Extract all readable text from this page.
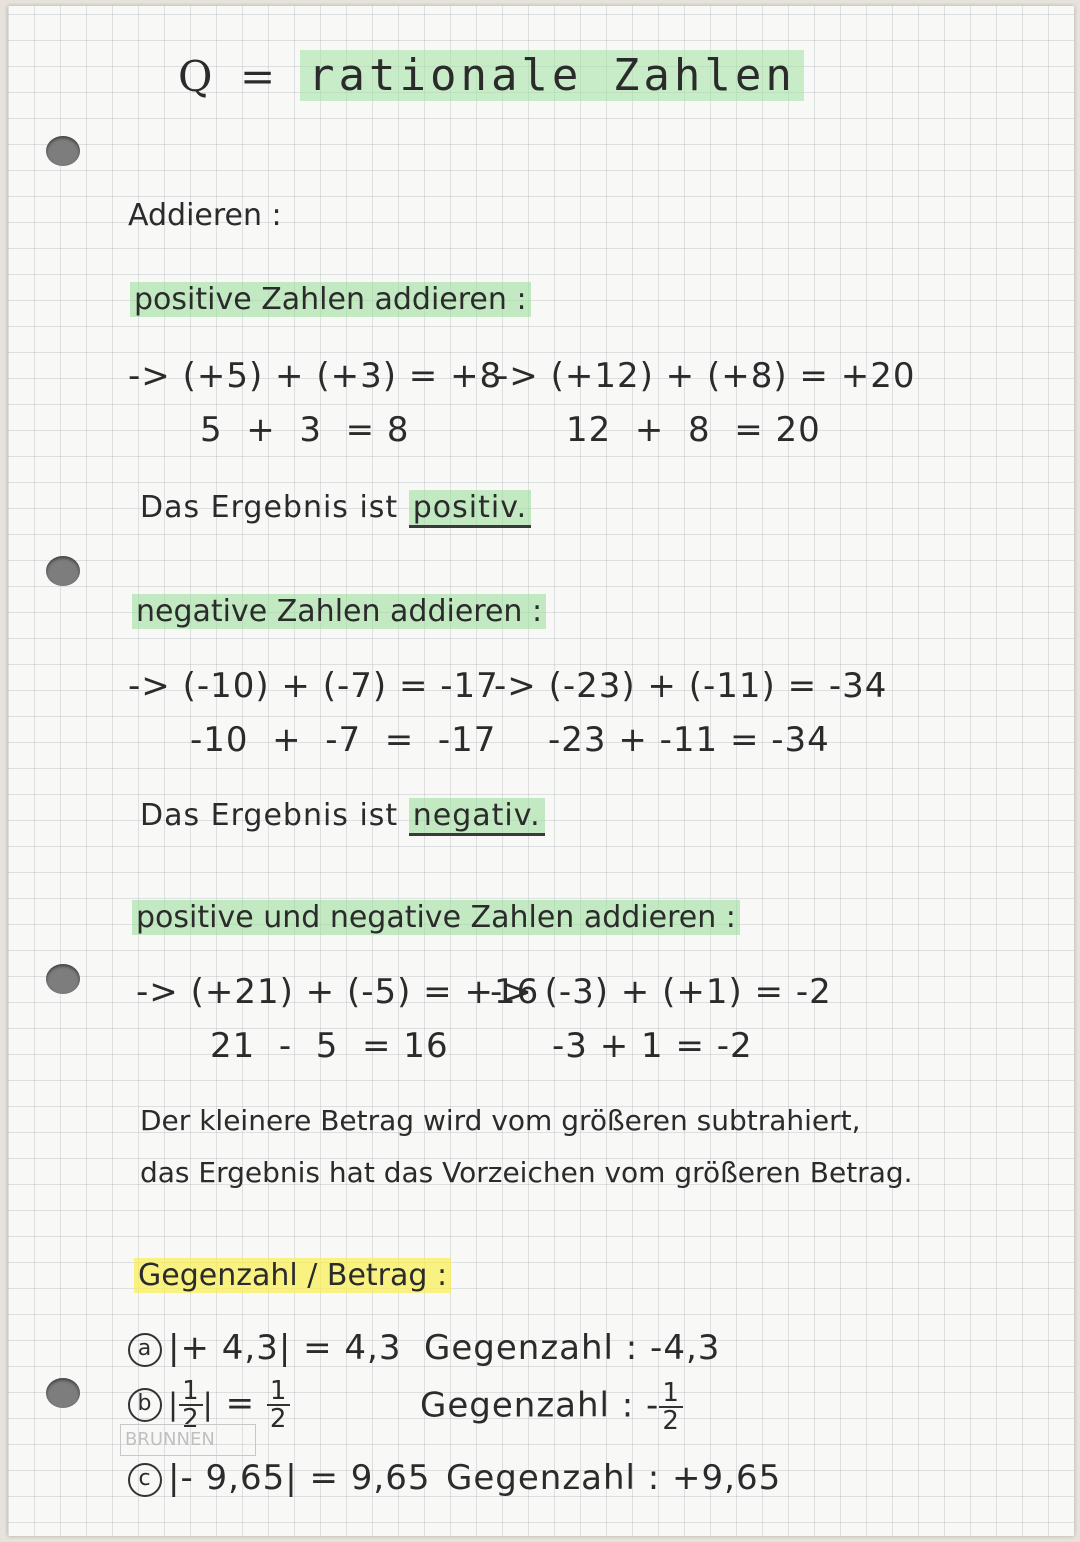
Q = rationale Zahlen
Addieren :
positive Zahlen addieren :
-> (+5) + (+3) = +8
5  +  3  = 8
-> (+12) + (+8) = +20
12  +  8  = 20
Das Ergebnis ist positiv.
negative Zahlen addieren :
-> (-10) + (-7) = -17
-10  +  -7  =  -17
-> (-23) + (-11) = -34
-23 + -11 = -34
Das Ergebnis ist negativ.
positive und negative Zahlen addieren :
-> (+21) + (-5) = +16
21  -  5  = 16
-> (-3) + (+1) = -2
-3 + 1 = -2
Der kleinere Betrag wird vom größeren subtrahiert,
das Ergebnis hat das Vorzeichen vom größeren Betrag.
Gegenzahl / Betrag :
a |+ 4,3| = 4,3 Gegenzahl : -4,3
b | $\frac{1}{2}$ | = $\frac{1}{2}$	Gegenzahl : - $\frac{1}{2}$
BRUNNEN
c |- 9,65| = 9,65 Gegenzahl : +9,65
